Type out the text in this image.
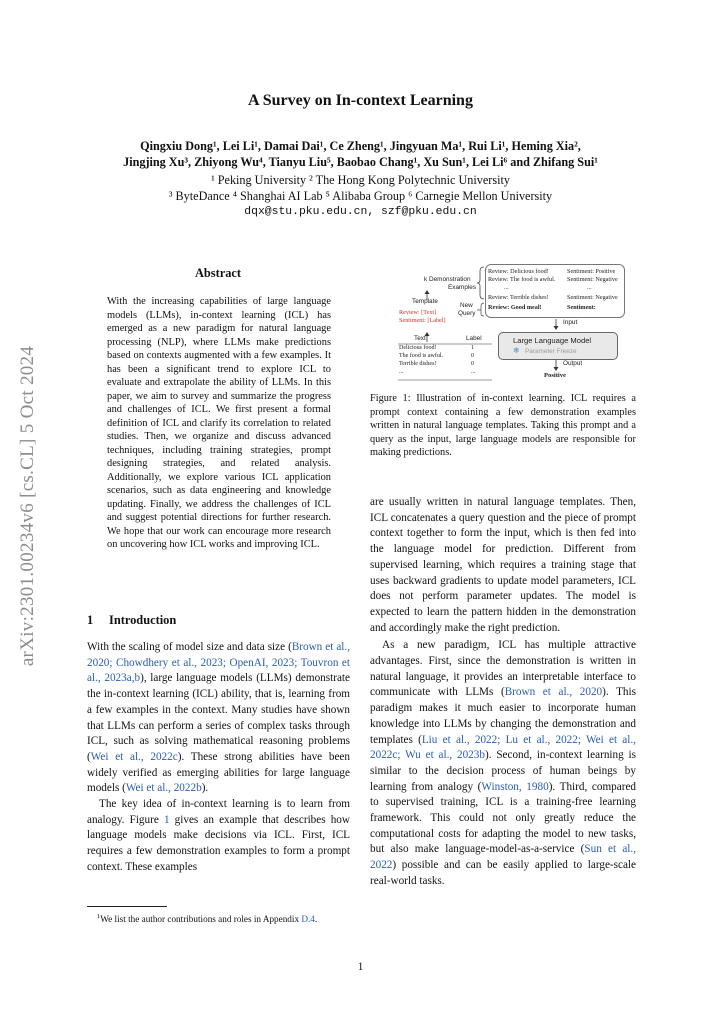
A Survey on In-context Learning
Qingxiu Dong¹, Lei Li¹, Damai Dai¹, Ce Zheng¹, Jingyuan Ma¹, Rui Li¹, Heming Xia²,
Jingjing Xu³, Zhiyong Wu⁴, Tianyu Liu⁵, Baobao Chang¹, Xu Sun¹, Lei Li⁶ and Zhifang Sui¹
¹ Peking University ² The Hong Kong Polytechnic University
³ ByteDance ⁴ Shanghai AI Lab ⁵ Alibaba Group ⁶ Carnegie Mellon University
dqx@stu.pku.edu.cn, szf@pku.edu.cn
arXiv:2301.00234v6 [cs.CL] 5 Oct 2024
Abstract
With the increasing capabilities of large language models (LLMs), in-context learning (ICL) has emerged as a new paradigm for natural language processing (NLP), where LLMs make predictions based on contexts augmented with a few examples. It has been a significant trend to explore ICL to evaluate and extrapolate the ability of LLMs. In this paper, we aim to survey and summarize the progress and challenges of ICL. We first present a formal definition of ICL and clarify its correlation to related studies. Then, we organize and discuss advanced techniques, including training strategies, prompt designing strategies, and related analysis. Additionally, we explore various ICL application scenarios, such as data engineering and knowledge updating. Finally, we address the challenges of ICL and suggest potential directions for further research. We hope that our work can encourage more research on uncovering how ICL works and improving ICL.
1 Introduction
With the scaling of model size and data size (Brown et al., 2020; Chowdhery et al., 2023; OpenAI, 2023; Touvron et al., 2023a,b), large language models (LLMs) demonstrate the in-context learning (ICL) ability, that is, learning from a few examples in the context. Many studies have shown that LLMs can perform a series of complex tasks through ICL, such as solving mathematical reasoning problems (Wei et al., 2022c). These strong abilities have been widely verified as emerging abilities for large language models (Wei et al., 2022b).
The key idea of in-context learning is to learn from analogy. Figure 1 gives an example that describes how language models make decisions via ICL. First, ICL requires a few demonstration examples to form a prompt context. These examples
$^1$We list the author contributions and roles in Appendix D.4.
k Demonstration
Examples
Template
New
Query
Review: [Text]
Sentiment: [Label]
Text	Label
Delicious food!	1
The food is awful.	0
Terrible dishes!	0
...	...
Review: Delicious food!	Sentiment: Positive
Review: The food is awful. Sentiment: Negative
...	...
Review: Terrible dishes!	Sentiment: Negative
Review: Good meal!	Sentiment:
Input
Large Language Model
❄ Parameter Freeze
Output
Positive
Figure 1: Illustration of in-context learning. ICL requires a prompt context containing a few demonstration examples written in natural language templates. Taking this prompt and a query as the input, large language models are responsible for making predictions.
are usually written in natural language templates. Then, ICL concatenates a query question and the piece of prompt context together to form the input, which is then fed into the language model for prediction. Different from supervised learning, which requires a training stage that uses backward gradients to update model parameters, ICL does not perform parameter updates. The model is expected to learn the pattern hidden in the demonstration and accordingly make the right prediction.
As a new paradigm, ICL has multiple attractive advantages. First, since the demonstration is written in natural language, it provides an interpretable interface to communicate with LLMs (Brown et al., 2020). This paradigm makes it much easier to incorporate human knowledge into LLMs by changing the demonstration and templates (Liu et al., 2022; Lu et al., 2022; Wei et al., 2022c; Wu et al., 2023b). Second, in-context learning is similar to the decision process of human beings by learning from analogy (Winston, 1980). Third, compared to supervised training, ICL is a training-free learning framework. This could not only greatly reduce the computational costs for adapting the model to new tasks, but also make language-model-as-a-service (Sun et al., 2022) possible and can be easily applied to large-scale real-world tasks.
1
